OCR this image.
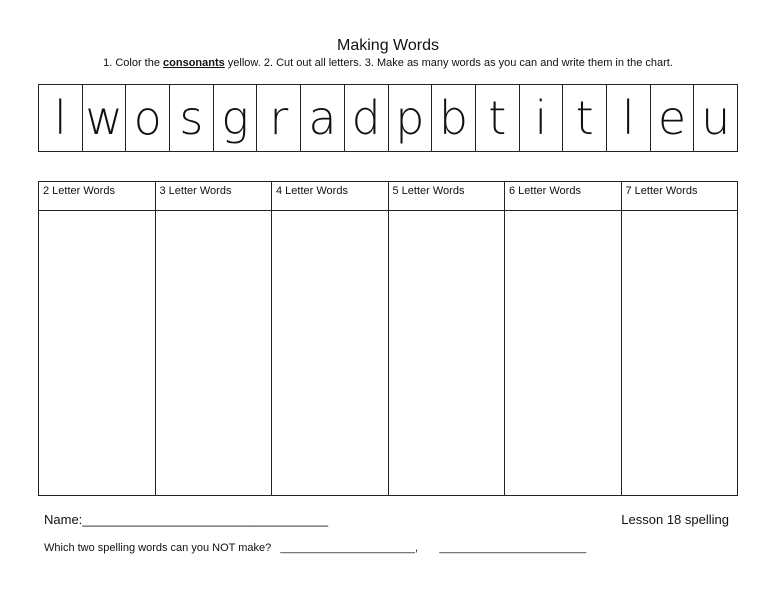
Making Words
1. Color the consonants yellow. 2. Cut out all letters. 3. Make as many words as you can and write them in the chart.
l w o s g r a d p b t i t l e u
2 Letter Words	3 Letter Words	4 Letter Words	5 Letter Words	6 Letter Words	7 Letter Words
Name:__________________________________	Lesson 18 spelling
Which two spelling words can you NOT make?   ______________________,       ________________________
